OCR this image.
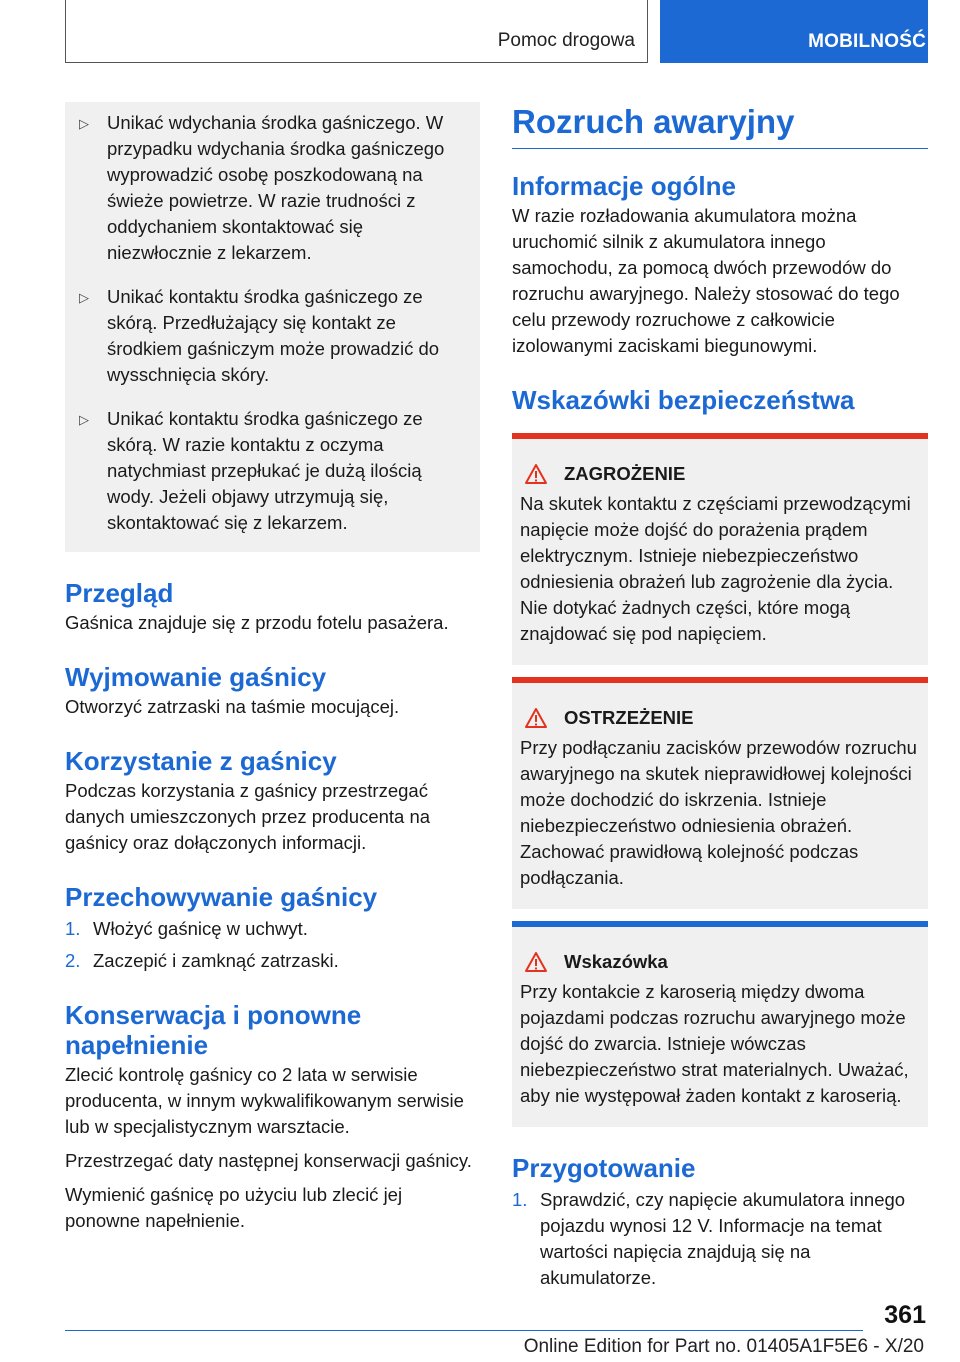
Pomoc drogowa	MOBILNOŚĆ
▷ Unikać wdychania środka gaśniczego. W przypadku wdychania środka gaśniczego wyprowadzić osobę poszkodowaną na świeże powietrze. W razie trudności z oddychaniem skontaktować się niezwłocznie z lekarzem.

▷ Unikać kontaktu środka gaśniczego ze skórą. Przedłużający się kontakt ze środkiem gaśniczym może prowadzić do wysschnięcia skóry.

▷ Unikać kontaktu środka gaśniczego ze skórą. W razie kontaktu z oczyma natychmiast przepłukać je dużą ilością wody. Jeżeli objawy utrzymują się, skontaktować się z lekarzem.

Przegląd

Gaśnica znajduje się z przodu fotelu pasażera.

Wyjmowanie gaśnicy

Otworzyć zatrzaski na taśmie mocującej.

Korzystanie z gaśnicy

Podczas korzystania z gaśnicy przestrzegać danych umieszczonych przez producenta na gaśnicy oraz dołączonych informacji.

Przechowywanie gaśnicy
1. Włożyć gaśnicę w uchwyt.
2. Zaczepić i zamknąć zatrzaski.
Konserwacja i ponowne napełnienie

Zlecić kontrolę gaśnicy co 2 lata w serwisie producenta, w innym wykwalifikowanym serwisie lub w specjalistycznym warsztacie.

Przestrzegać daty następnej konserwacji gaśnicy.

Wymienić gaśnicę po użyciu lub zlecić jej ponowne napełnienie.

Rozruch awaryjny
Informacje ogólne

W razie rozładowania akumulatora można uruchomić silnik z akumulatora innego samochodu, za pomocą dwóch przewodów do rozruchu awaryjnego. Należy stosować do tego celu przewody rozruchowe z całkowicie izolowanymi zaciskami biegunowymi.

Wskazówki bezpieczeństwa
ZAGROŻENIE

Na skutek kontaktu z częściami przewodzącymi napięcie może dojść do porażenia prądem elektrycznym. Istnieje niebezpieczeństwo odniesienia obrażeń lub zagrożenie dla życia. Nie dotykać żadnych części, które mogą znajdować się pod napięciem.

OSTRZEŻENIE

Przy podłączaniu zacisków przewodów rozruchu awaryjnego na skutek nieprawidłowej kolejności może dochodzić do iskrzenia. Istnieje niebezpieczeństwo odniesienia obrażeń. Zachować prawidłową kolejność podczas podłączania.

Wskazówka

Przy kontakcie z karoserią między dwoma pojazdami podczas rozruchu awaryjnego może dojść do zwarcia. Istnieje wówczas niebezpieczeństwo strat materialnych. Uważać, aby nie występował żaden kontakt z karoserią.

Przygotowanie
1. Sprawdzić, czy napięcie akumulatora innego pojazdu wynosi 12 V. Informacje na temat wartości napięcia znajdują się na akumulatorze.
361
Online Edition for Part no. 01405A1F5E6 - X/20
